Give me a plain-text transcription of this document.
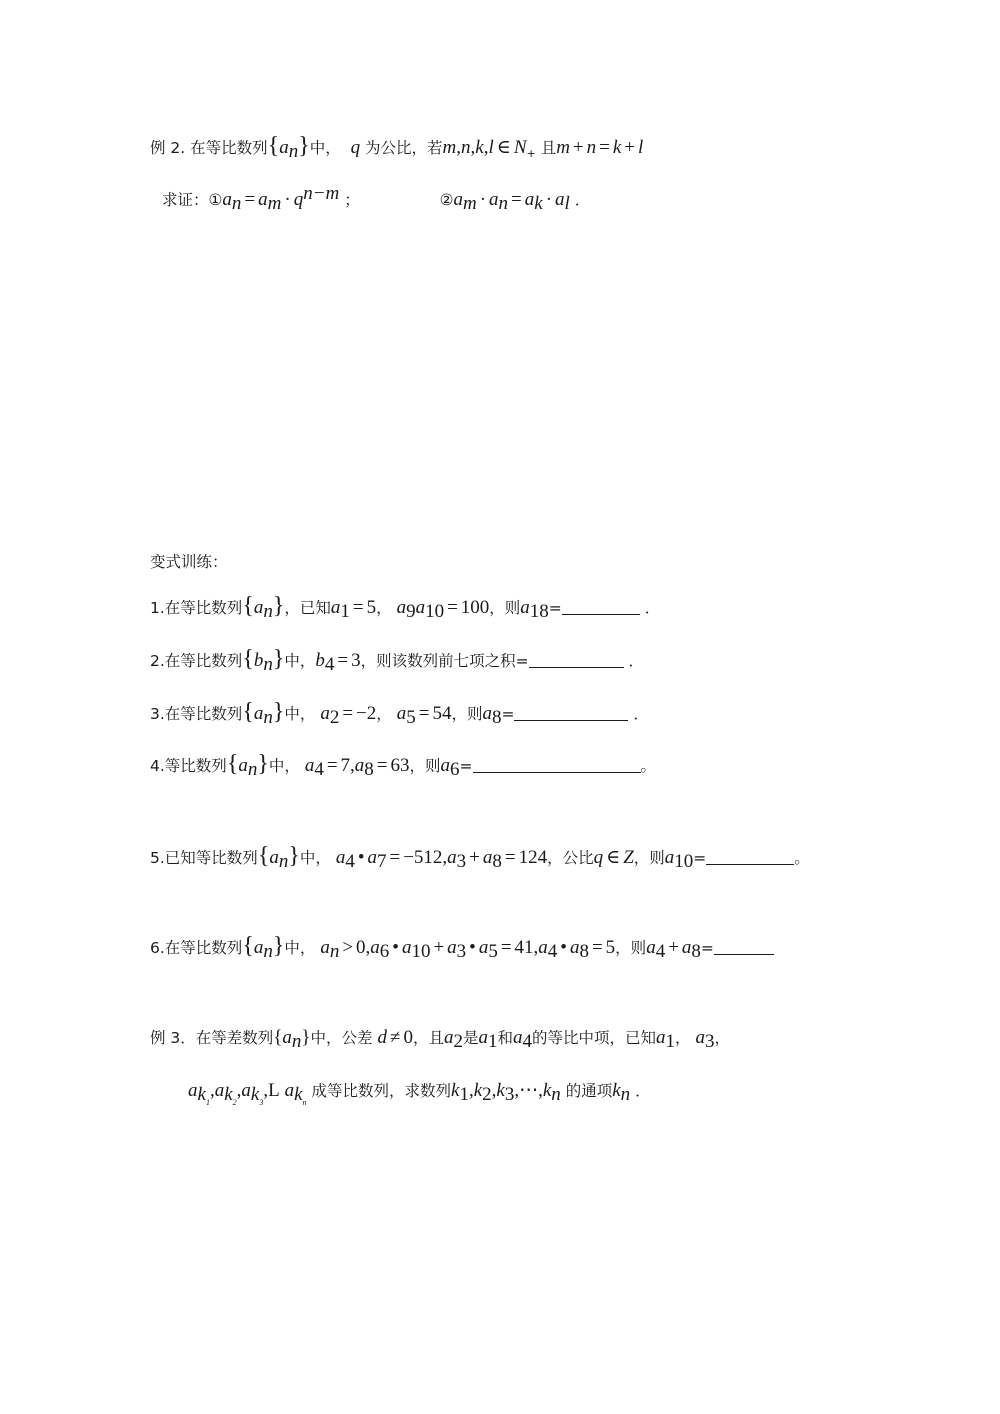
例 2. 在等比数列$\{a_n\}$中， q 为公比，若m,n,k,l ∈ $N_+$ 且m + n = k + l
求证：$①a_n = a_m \cdot q^{n-m}$ ；	$②a_m \cdot a_n = a_k \cdot a_l$ ．
变式训练：
1.在等比数列$\{a_n\}$，已知$a_1 = 5$， $a_9a_{10} = 100$，则$a_{18}=$	．
2.在等比数列$\{b_n\}$中，$b_4 = 3$，则该数列前七项之积=	．
3.在等比数列$\{a_n\}$中， $a_2 = -2$， $a_5 = 54$，则$a_8=$	．
4.等比数列$\{a_n\}$中， $a_4 = 7,a_8 = 63$，则$a_6=$	。
5.已知等比数列$\{a_n\}$中， $a_4$ • $a_7 = -512,a_3 + a_8 = 124$，公比q ∈ Z，则$a_{10}=$	。
6.在等比数列$\{a_n\}$中， $a_n > 0,a_6$ • $a_{10} + a_3$ • $a_5 = 41,a_4$ • $a_8 = 5$，则$a_4 + a_8=$
例 3．在等差数列$\{a_n\}$中，公差 d ≠ 0，且$a_2$是$a_1$和$a_4$的等比中项，已知$a_1$， $a_3$，
$a_{k_1},a_{k_2},a_{k_3},L$ $a_{k_n}$ 成等比数列，求数列$k_1,k_2,k_3,\cdots,k_n$ 的通项$k_n$ ．
